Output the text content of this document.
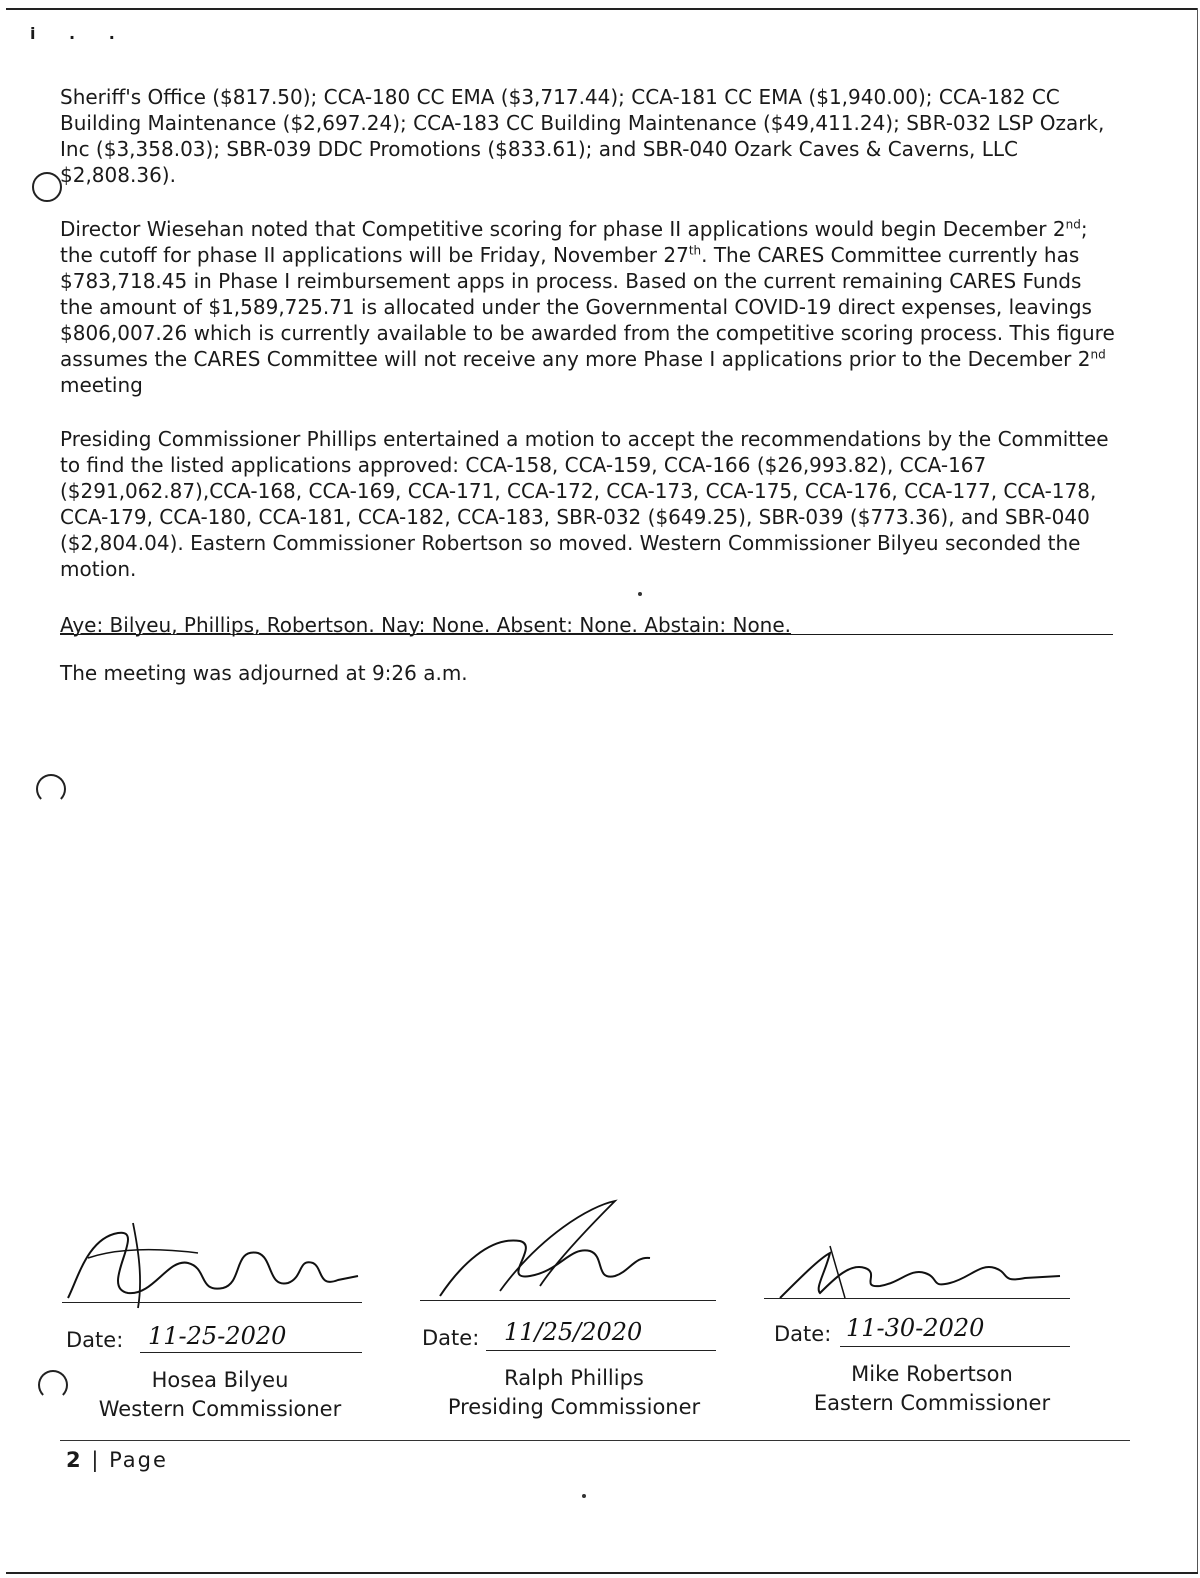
i . .

Sheriff's Office ($817.50); CCA-180 CC EMA ($3,717.44); CCA-181 CC EMA ($1,940.00); CCA-182 CC Building Maintenance ($2,697.24); CCA-183 CC Building Maintenance ($49,411.24); SBR-032 LSP Ozark, Inc ($3,358.03); SBR-039 DDC Promotions ($833.61); and SBR-040 Ozark Caves & Caverns, LLC $2,808.36).

Director Wiesehan noted that Competitive scoring for phase II applications would begin December 2nd; the cutoff for phase II applications will be Friday, November 27th. The CARES Committee currently has $783,718.45 in Phase I reimbursement apps in process. Based on the current remaining CARES Funds the amount of $1,589,725.71 is allocated under the Governmental COVID-19 direct expenses, leavings $806,007.26 which is currently available to be awarded from the competitive scoring process. This figure assumes the CARES Committee will not receive any more Phase I applications prior to the December 2nd meeting

Presiding Commissioner Phillips entertained a motion to accept the recommendations by the Committee to find the listed applications approved: CCA-158, CCA-159, CCA-166 ($26,993.82), CCA-167 ($291,062.87),CCA-168, CCA-169, CCA-171, CCA-172, CCA-173, CCA-175, CCA-176, CCA-177, CCA-178, CCA-179, CCA-180, CCA-181, CCA-182, CCA-183, SBR-032 ($649.25), SBR-039 ($773.36), and SBR-040 ($2,804.04). Eastern Commissioner Robertson so moved. Western Commissioner Bilyeu seconded the motion.

Aye: Bilyeu, Phillips, Robertson. Nay: None. Absent: None. Abstain: None.
The meeting was adjourned at 9:26 a.m.
Date: 11-25-2020
Hosea Bilyeu
Western Commissioner
Date: 11/25/2020
Ralph Phillips
Presiding Commissioner
Date: 11-30-2020
Mike Robertson
Eastern Commissioner
2 | Page
